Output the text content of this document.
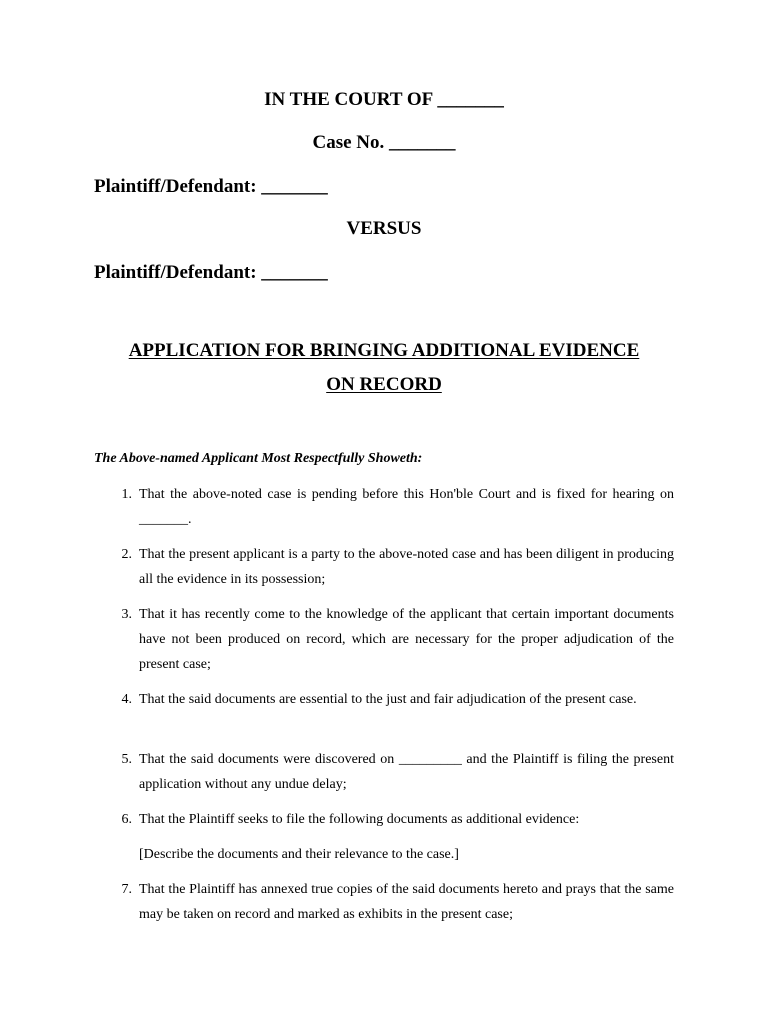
IN THE COURT OF _______
Case No. _______
Plaintiff/Defendant: _______
VERSUS
Plaintiff/Defendant: _______
APPLICATION FOR BRINGING ADDITIONAL EVIDENCE
ON RECORD
The Above-named Applicant Most Respectfully Showeth:
1. That the above-noted case is pending before this Hon'ble Court and is fixed for hearing on _______.
2. That the present applicant is a party to the above-noted case and has been diligent in producing all the evidence in its possession;
3. That it has recently come to the knowledge of the applicant that certain important documents have not been produced on record, which are necessary for the proper adjudication of the present case;
4. That the said documents are essential to the just and fair adjudication of the present case.
5. That the said documents were discovered on _________ and the Plaintiff is filing the present application without any undue delay;
6. That the Plaintiff seeks to file the following documents as additional evidence:
[Describe the documents and their relevance to the case.]
7. That the Plaintiff has annexed true copies of the said documents hereto and prays that the same may be taken on record and marked as exhibits in the present case;
